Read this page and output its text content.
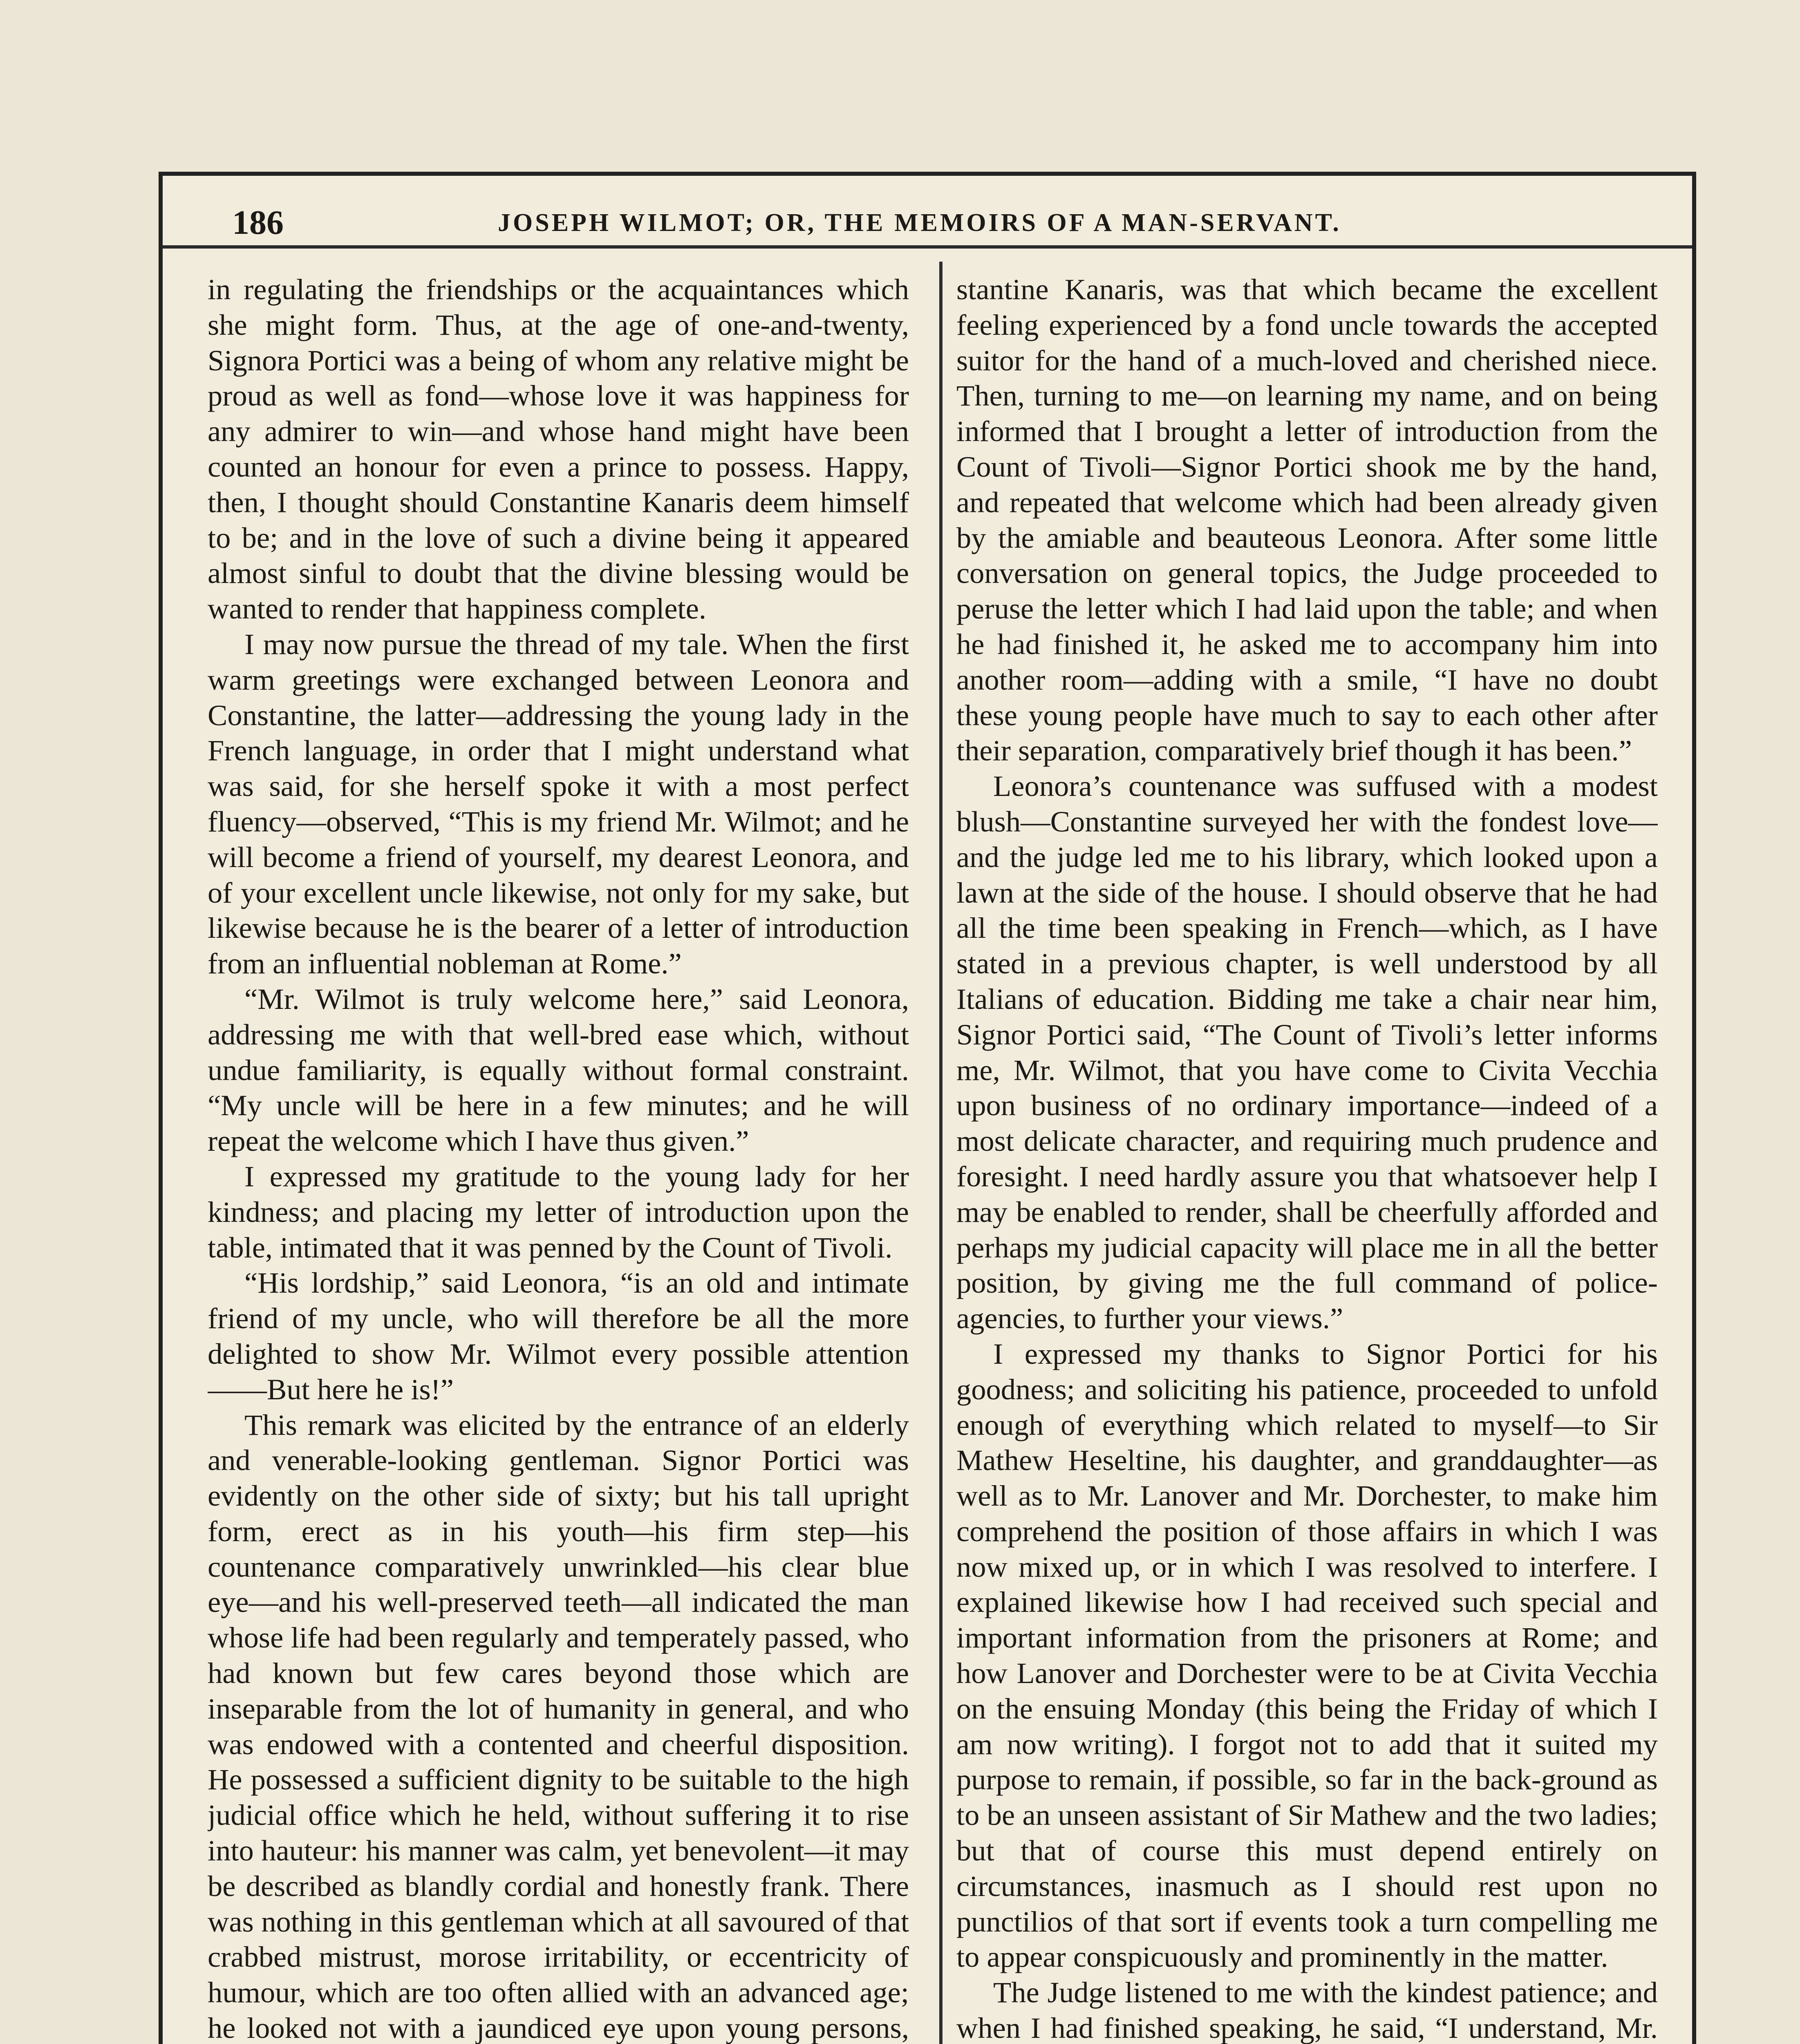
186	JOSEPH WILMOT; OR, THE MEMOIRS OF A MAN-SERVANT.

in regulating the friendships or the acquaintances which she might form. Thus, at the age of one-and-twenty, Signora Portici was a being of whom any relative might be proud as well as fond—whose love it was happiness for any admirer to win—and whose hand might have been counted an honour for even a prince to possess. Happy, then, I thought should Constantine Kanaris deem himself to be; and in the love of such a divine being it appeared almost sinful to doubt that the divine blessing would be wanted to render that happiness complete.

I may now pursue the thread of my tale. When the first warm greetings were exchanged between Leonora and Constantine, the latter—addressing the young lady in the French language, in order that I might understand what was said, for she herself spoke it with a most perfect fluency—observed, “This is my friend Mr. Wilmot; and he will become a friend of yourself, my dearest Leonora, and of your excellent uncle likewise, not only for my sake, but likewise because he is the bearer of a letter of introduction from an influential nobleman at Rome.”

“Mr. Wilmot is truly welcome here,” said Leonora, addressing me with that well-bred ease which, without undue familiarity, is equally without formal constraint. “My uncle will be here in a few minutes; and he will repeat the welcome which I have thus given.”

I expressed my gratitude to the young lady for her kindness; and placing my letter of introduction upon the table, intimated that it was penned by the Count of Tivoli.

“His lordship,” said Leonora, “is an old and intimate friend of my uncle, who will therefore be all the more delighted to show Mr. Wilmot every possible attention——But here he is!”

This remark was elicited by the entrance of an elderly and venerable-looking gentleman. Signor Portici was evidently on the other side of sixty; but his tall upright form, erect as in his youth—his firm step—his countenance comparatively unwrinkled—his clear blue eye—and his well-preserved teeth—all indicated the man whose life had been regularly and temperately passed, who had known but few cares beyond those which are inseparable from the lot of humanity in general, and who was endowed with a contented and cheerful disposition. He possessed a sufficient dignity to be suitable to the high judicial office which he held, without suffering it to rise into hauteur: his manner was calm, yet benevolent—it may be described as blandly cordial and honestly frank. There was nothing in this gentleman which at all savoured of that crabbed mistrust, morose irritability, or eccentricity of humour, which are too often allied with an advanced age; he looked not with a jaundiced eye upon young persons,

stantine Kanaris, was that which became the excellent feeling experienced by a fond uncle towards the accepted suitor for the hand of a much-loved and cherished niece. Then, turning to me—on learning my name, and on being informed that I brought a letter of introduction from the Count of Tivoli—Signor Portici shook me by the hand, and repeated that welcome which had been already given by the amiable and beauteous Leonora. After some little conversation on general topics, the Judge proceeded to peruse the letter which I had laid upon the table; and when he had finished it, he asked me to accompany him into another room—adding with a smile, “I have no doubt these young people have much to say to each other after their separation, comparatively brief though it has been.”

Leonora’s countenance was suffused with a modest blush—Constantine surveyed her with the fondest love—and the judge led me to his library, which looked upon a lawn at the side of the house. I should observe that he had all the time been speaking in French—which, as I have stated in a previous chapter, is well understood by all Italians of education. Bidding me take a chair near him, Signor Portici said, “The Count of Tivoli’s letter informs me, Mr. Wilmot, that you have come to Civita Vecchia upon business of no ordinary importance—indeed of a most delicate character, and requiring much prudence and foresight. I need hardly assure you that whatsoever help I may be enabled to render, shall be cheerfully afforded and perhaps my judicial capacity will place me in all the better position, by giving me the full command of police-agencies, to further your views.”

I expressed my thanks to Signor Portici for his goodness; and soliciting his patience, proceeded to unfold enough of everything which related to myself—to Sir Mathew Heseltine, his daughter, and granddaughter—as well as to Mr. Lanover and Mr. Dorchester, to make him comprehend the position of those affairs in which I was now mixed up, or in which I was resolved to interfere. I explained likewise how I had received such special and important information from the prisoners at Rome; and how Lanover and Dorchester were to be at Civita Vecchia on the ensuing Monday (this being the Friday of which I am now writing). I forgot not to add that it suited my purpose to remain, if possible, so far in the back-ground as to be an unseen assistant of Sir Mathew and the two ladies; but that of course this must depend entirely on circumstances, inasmuch as I should rest upon no punctilios of that sort if events took a turn compelling me to appear conspicuously and prominently in the matter.

The Judge listened to me with the kindest patience; and when I had finished speaking, he said, “I understand, Mr.
